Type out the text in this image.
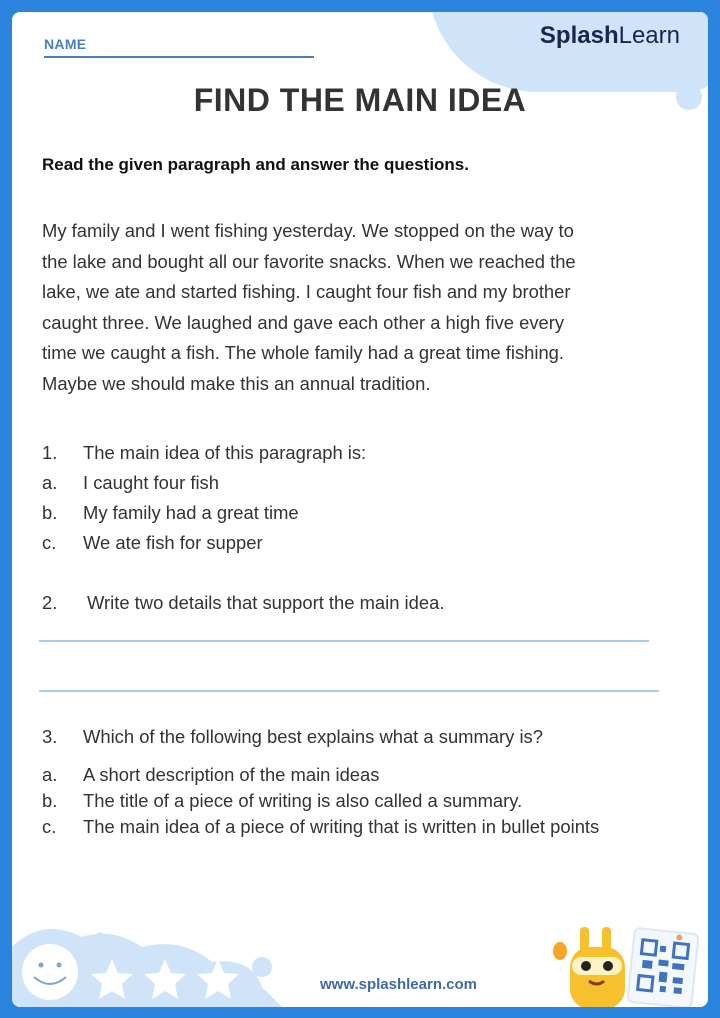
NAME	SplashLearn
FIND THE MAIN IDEA
Read the given paragraph and answer the questions.
My family and I went fishing yesterday. We stopped on the way to
the lake and bought all our favorite snacks. When we reached the
lake, we ate and started fishing. I caught four fish and my brother
caught three. We laughed and gave each other a high five every
time we caught a fish. The whole family had a great time fishing.
Maybe we should make this an annual tradition.
1. The main idea of this paragraph is:
a. I caught four fish
b. My family had a great time
c. We ate fish for supper
2. Write two details that support the main idea.
3. Which of the following best explains what a summary is?
a. A short description of the main ideas
b. The title of a piece of writing is also called a summary.
c. The main idea of a piece of writing that is written in bullet points
www.splashlearn.com
